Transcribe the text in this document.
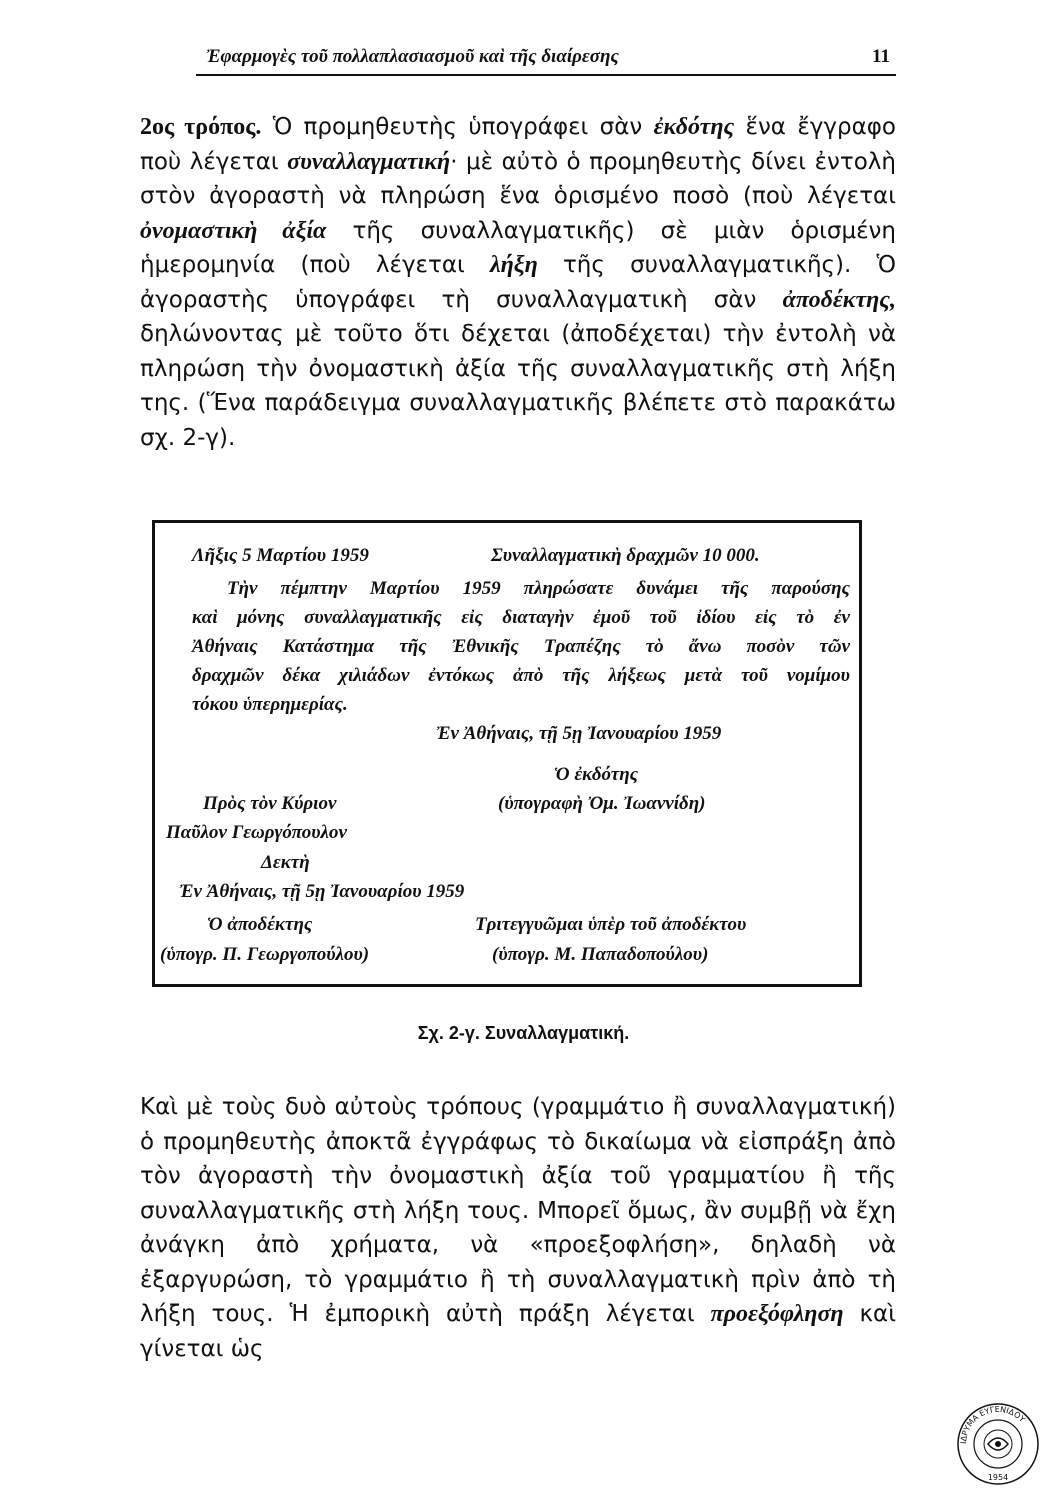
Ἐφαρμογὲς τοῦ πολλαπλασιασμοῦ καὶ τῆς διαίρεσης	11

2ος τρόπος. Ὁ προμηθευτὴς ὑπογράφει σὰν ἐκδότης ἕνα ἔγγραφο ποὺ λέγεται συναλλαγματική· μὲ αὐτὸ ὁ προμηθευτὴς δίνει ἐντολὴ στὸν ἀγοραστὴ νὰ πληρώση ἕνα ὁρισμένο ποσὸ (ποὺ λέγεται ὀνομαστικὴ ἀξία τῆς συναλλαγματικῆς) σὲ μιὰν ὁρισμένη ἡμερομηνία (ποὺ λέγεται λήξη τῆς συναλλαγματικῆς). Ὁ ἀγοραστὴς ὑπογράφει τὴ συναλλαγματικὴ σὰν ἀποδέκτης, δηλώνοντας μὲ τοῦτο ὅτι δέχεται (ἀποδέχεται) τὴν ἐντολὴ νὰ πληρώση τὴν ὀνομαστικὴ ἀξία τῆς συναλλαγματικῆς στὴ λήξη της. (Ἕνα παράδειγμα συναλλαγματικῆς βλέπετε στὸ παρακάτω σχ. 2-γ).

Λῆξις 5 Μαρτίου 1959	Συναλλαγματικὴ δραχμῶν 10 000.
Τὴν πέμπτην Μαρτίου 1959 πληρώσατε δυνάμει τῆς παρούσης
καὶ μόνης συναλλαγματικῆς εἰς διαταγὴν ἐμοῦ τοῦ ἰδίου εἰς τὸ ἐν
Ἀθήναις Κατάστημα τῆς Ἐθνικῆς Τραπέζης τὸ ἄνω ποσὸν τῶν
δραχμῶν δέκα χιλιάδων ἐντόκως ἀπὸ τῆς λήξεως μετὰ τοῦ νομίμου
τόκου ὑπερημερίας.
Ἐν Ἀθήναις, τῇ 5ῃ Ἰανουαρίου 1959
Ὁ ἐκδότης
Πρὸς τὸν Κύριον	(ὑπογραφὴ Ὀμ. Ἰωαννίδη)
Παῦλον Γεωργόπουλον
Δεκτὴ
Ἐν Ἀθήναις, τῇ 5ῃ Ἰανουαρίου 1959
Ὁ ἀποδέκτης	Τριτεγγυῶμαι ὑπὲρ τοῦ ἀποδέκτου
(ὑπογρ. Π. Γεωργοπούλου)	(ὑπογρ. Μ. Παπαδοπούλου)
Σχ. 2-γ. Συναλλαγματική.

Καὶ μὲ τοὺς δυὸ αὐτοὺς τρόπους (γραμμάτιο ἢ συναλλαγματική) ὁ προμηθευτὴς ἀποκτᾶ ἐγγράφως τὸ δικαίωμα νὰ εἰσπράξη ἀπὸ τὸν ἀγοραστὴ τὴν ὀνομαστικὴ ἀξία τοῦ γραμματίου ἢ τῆς συναλλαγματικῆς στὴ λήξη τους. Μπορεῖ ὅμως, ἂν συμβῇ νὰ ἔχη ἀνάγκη ἀπὸ χρήματα, νὰ «προεξοφλήση», δηλαδὴ νὰ ἐξαργυρώση, τὸ γραμμάτιο ἢ τὴ συναλλαγματικὴ πρὶν ἀπὸ τὴ λήξη τους. Ἡ ἐμπορικὴ αὐτὴ πράξη λέγεται προεξόφληση καὶ γίνεται ὡς

ΙΔΡΥΜΑ ΕΥΓΕΝΙΔΟΥ
1954
